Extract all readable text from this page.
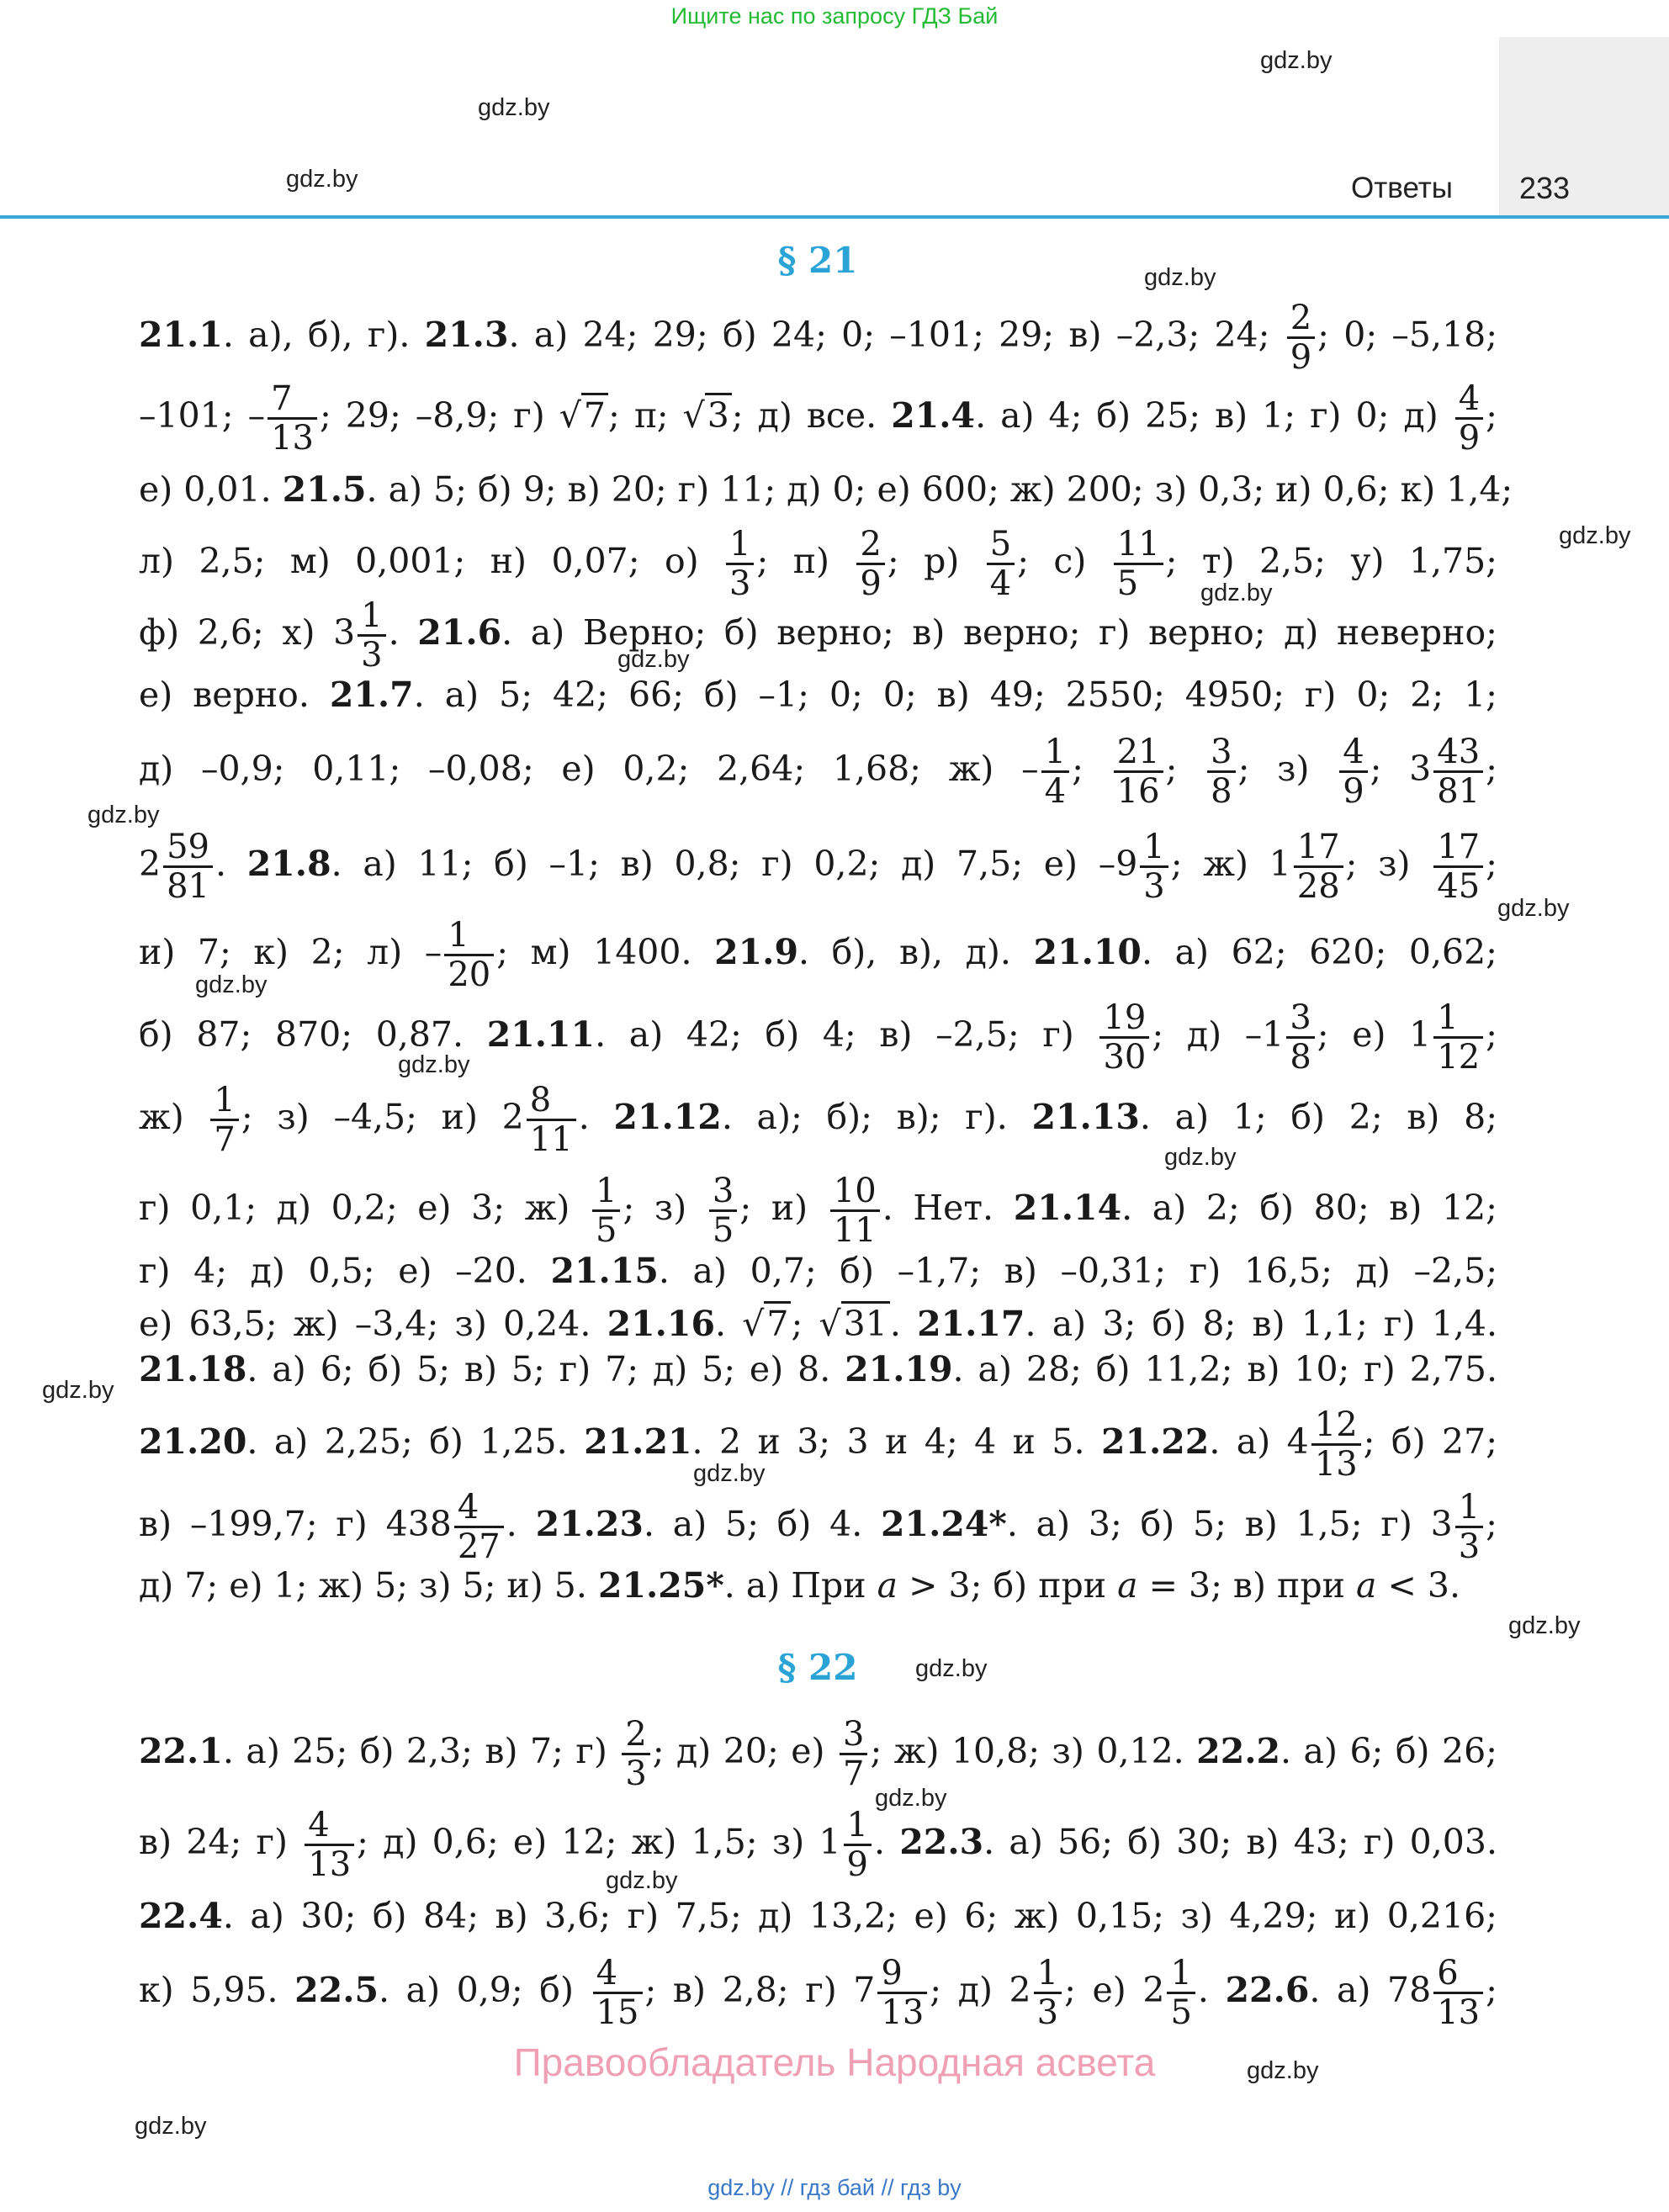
Ищите нас по запросу ГДЗ Бай
gdz.by
gdz.by
gdz.by
gdz.by
gdz.by
gdz.by
gdz.by
gdz.by
gdz.by
gdz.by
gdz.by
gdz.by
gdz.by
gdz.by
gdz.by
gdz.by
gdz.by
gdz.by
gdz.by
gdz.by
Ответы 233
§ 21
21.1. а), б), г). 21.3. а) 24; 29; б) 24; 0; –101; 29; в) –2,3; 24; $\frac{2}{9}$ ; 0; –5,18;
–101; – $\frac{7}{13}$ ; 29; –8,9; г) √7; π; √3; д) все. 21.4. а) 4; б) 25; в) 1; г) 0; $д) \frac{4}{9}$ ;
е) 0,01. 21.5. а) 5; б) 9; в) 20; г) 11; д) 0; е) 600; ж) 200; з) 0,3; и) 0,6; к) 1,4;
л) 2,5; м) 0,001; н) 0,07; $о) \frac{1}{3}$ ; $п) \frac{2}{9}$ ; $р) \frac{5}{4}$ ; $с) \frac{11}{5}$ ; т) 2,5; у) 1,75;
ф) 2,6; х) $3 \frac{1}{3}$ . 21.6. а) Верно; б) верно; в) верно; г) верно; д) неверно;
е) верно. 21.7. а) 5; 42; 66; б) –1; 0; 0; в) 49; 2550; 4950; г) 0; 2; 1;
д) –0,9; 0,11; –0,08; е) 0,2; 2,64; 1,68; $ж) - \frac{1}{4}$ ; $\frac{21}{16}$ ; $\frac{3}{8}$ ; $з) \frac{4}{9}$ ; $3 \frac{43}{81}$ ;
$2 \frac{59}{81}$ . 21.8. а) 11; б) –1; в) 0,8; г) 0,2; д) 7,5; е) $-9 \frac{1}{3}$ ; ж) $1 \frac{17}{28}$ ; $з) \frac{17}{45}$ ;
и) 7; к) 2; $л) - \frac{1}{20}$ ; м) 1400. 21.9. б), в), д). 21.10. а) 62; 620; 0,62;
б) 87; 870; 0,87. 21.11. а) 42; б) 4; в) –2,5; $г) \frac{19}{30}$ ; д) $-1 \frac{3}{8}$ ; е) $1 \frac{1}{12}$ ;
$ж) \frac{1}{7}$ ; з) –4,5; и) $2 \frac{8}{11}$ . 21.12. а); б); в); г). 21.13. а) 1; б) 2; в) 8;
г) 0,1; д) 0,2; е) 3; $ж) \frac{1}{5}$ ; $з) \frac{3}{5}$ ; $и) \frac{10}{11}$ . Нет. 21.14. а) 2; б) 80; в) 12;
г) 4; д) 0,5; е) –20. 21.15. а) 0,7; б) –1,7; в) –0,31; г) 16,5; д) –2,5;
е) 63,5; ж) –3,4; з) 0,24. 21.16. √7; √31. 21.17. а) 3; б) 8; в) 1,1; г) 1,4.
21.18. а) 6; б) 5; в) 5; г) 7; д) 5; е) 8. 21.19. а) 28; б) 11,2; в) 10; г) 2,75.
21.20. а) 2,25; б) 1,25. 21.21. 2 и 3; 3 и 4; 4 и 5. 21.22. а) $4 \frac{12}{13}$ ; б) 27;
в) –199,7; г) $438 \frac{4}{27}$ . 21.23. а) 5; б) 4. 21.24*. а) 3; б) 5; в) 1,5; г) $3 \frac{1}{3}$ ;
д) 7; е) 1; ж) 5; з) 5; и) 5. 21.25*. а) При a > 3; б) при a = 3; в) при a < 3.
§ 22
22.1. а) 25; б) 2,3; в) 7; $г) \frac{2}{3}$ ; д) 20; $е) \frac{3}{7}$ ; ж) 10,8; з) 0,12. 22.2. а) 6; б) 26;
в) 24; $г) \frac{4}{13}$ ; д) 0,6; е) 12; ж) 1,5; з) $1 \frac{1}{9}$ . 22.3. а) 56; б) 30; в) 43; г) 0,03.
22.4. а) 30; б) 84; в) 3,6; г) 7,5; д) 13,2; е) 6; ж) 0,15; з) 4,29; и) 0,216;
к) 5,95. 22.5. а) 0,9; $б) \frac{4}{15}$ ; в) 2,8; г) $7 \frac{9}{13}$ ; д) $2 \frac{1}{3}$ ; е) $2 \frac{1}{5}$ . 22.6. а) $78 \frac{6}{13}$ ;
Правообладатель Народная асвета
gdz.by // гдз бай // гдз by
